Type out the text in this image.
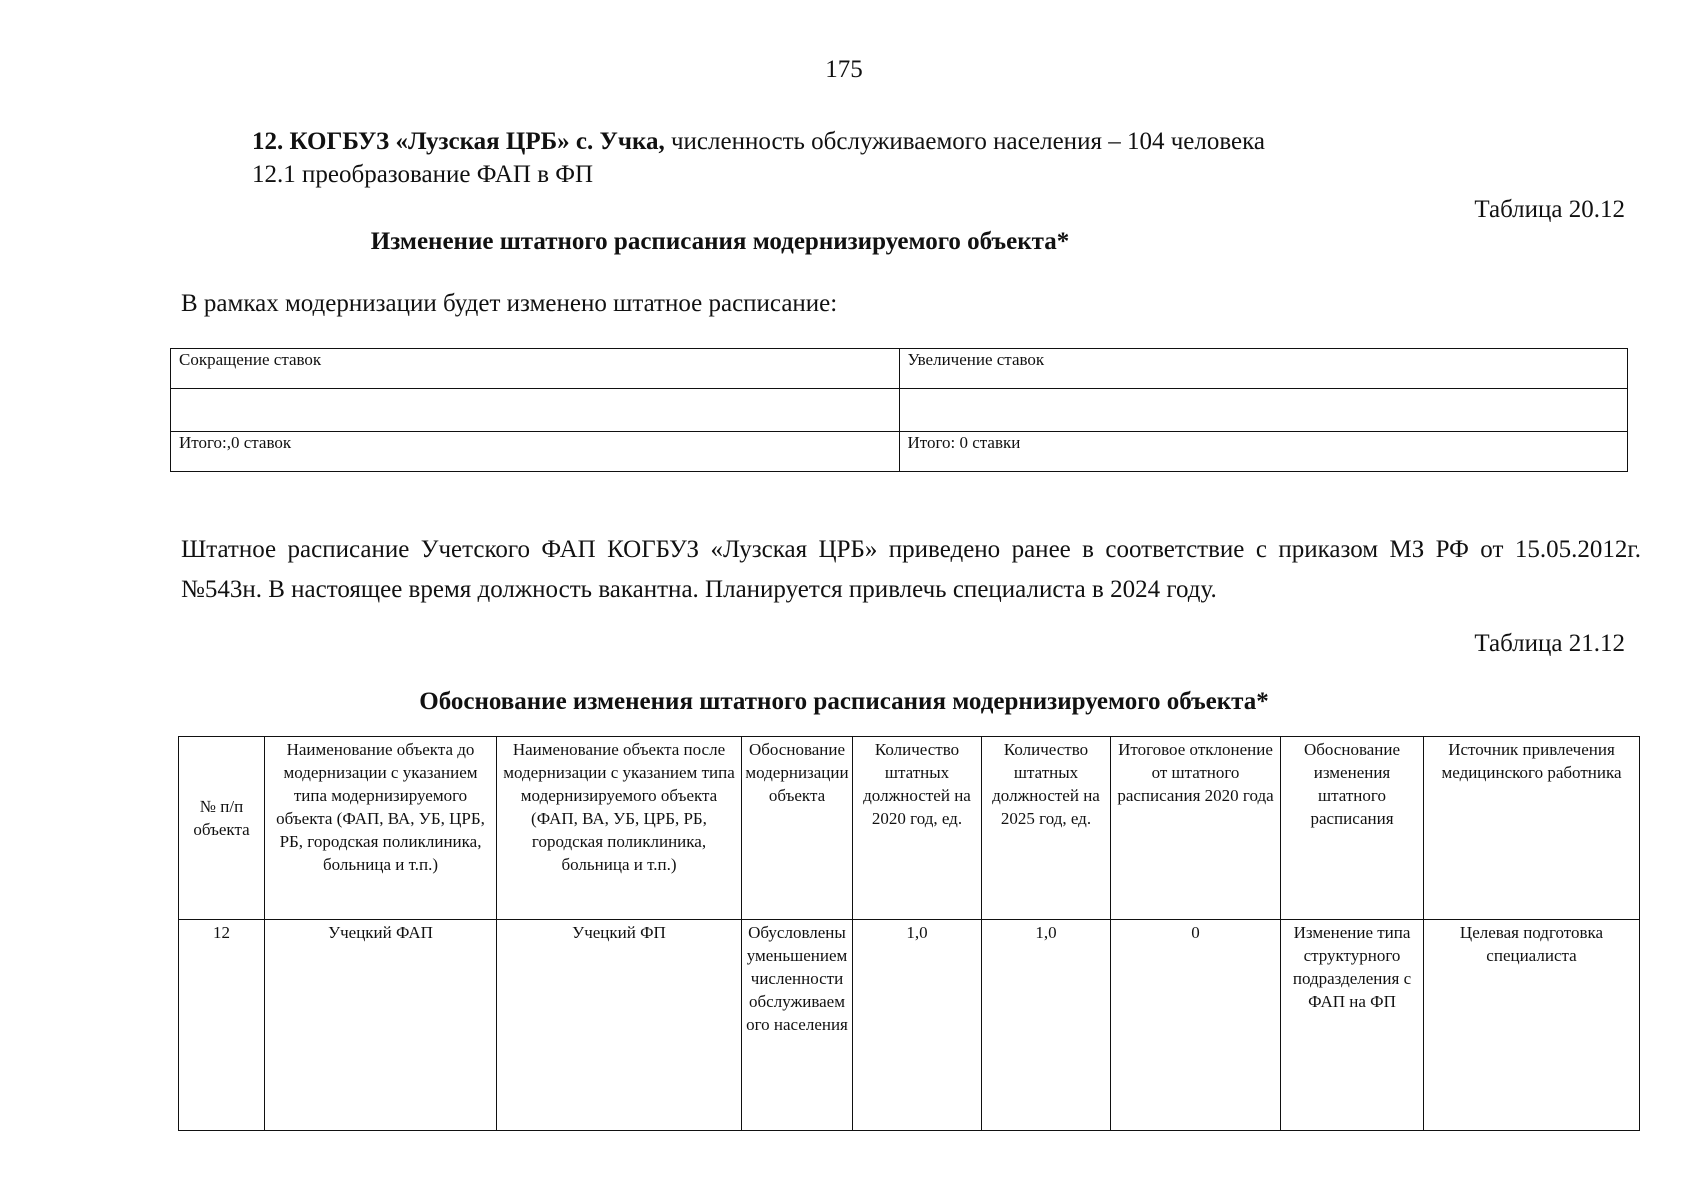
175
12. КОГБУЗ «Лузская ЦРБ» с. Учка, численность обслуживаемого населения – 104 человека
12.1 преобразование ФАП в ФП
Таблица 20.12
Изменение штатного расписания модернизируемого объекта*
В рамках модернизации будет изменено штатное расписание:
Сокращение ставок	Увеличение ставок

Итого:,0 ставок	Итого: 0 ставки
Штатное расписание Учетского ФАП КОГБУЗ «Лузская ЦРБ» приведено ранее в соответствие с приказом МЗ РФ от 15.05.2012г. №543н. В настоящее время должность вакантна. Планируется привлечь специалиста в 2024 году.
Таблица 21.12
Обоснование изменения штатного расписания модернизируемого объекта*
№ п/п объекта	Наименование объекта до модернизации с указанием типа модернизируемого объекта (ФАП, ВА, УБ, ЦРБ, РБ, городская поликлиника, больница и т.п.)	Наименование объекта после модернизации с указанием типа модернизируемого объекта (ФАП, ВА, УБ, ЦРБ, РБ, городская поликлиника, больница и т.п.)	Обоснование модернизации объекта	Количество штатных должностей на 2020 год, ед.	Количество штатных должностей на 2025 год, ед.	Итоговое отклонение от штатного расписания 2020 года	Обоснование изменения штатного расписания	Источник привлечения медицинского работника
12	Учецкий ФАП	Учецкий ФП	Обусловлены уменьшением численности обслуживаемого населения	1,0	1,0	0	Изменение типа структурного подразделения с ФАП на ФП	Целевая подготовка специалиста
